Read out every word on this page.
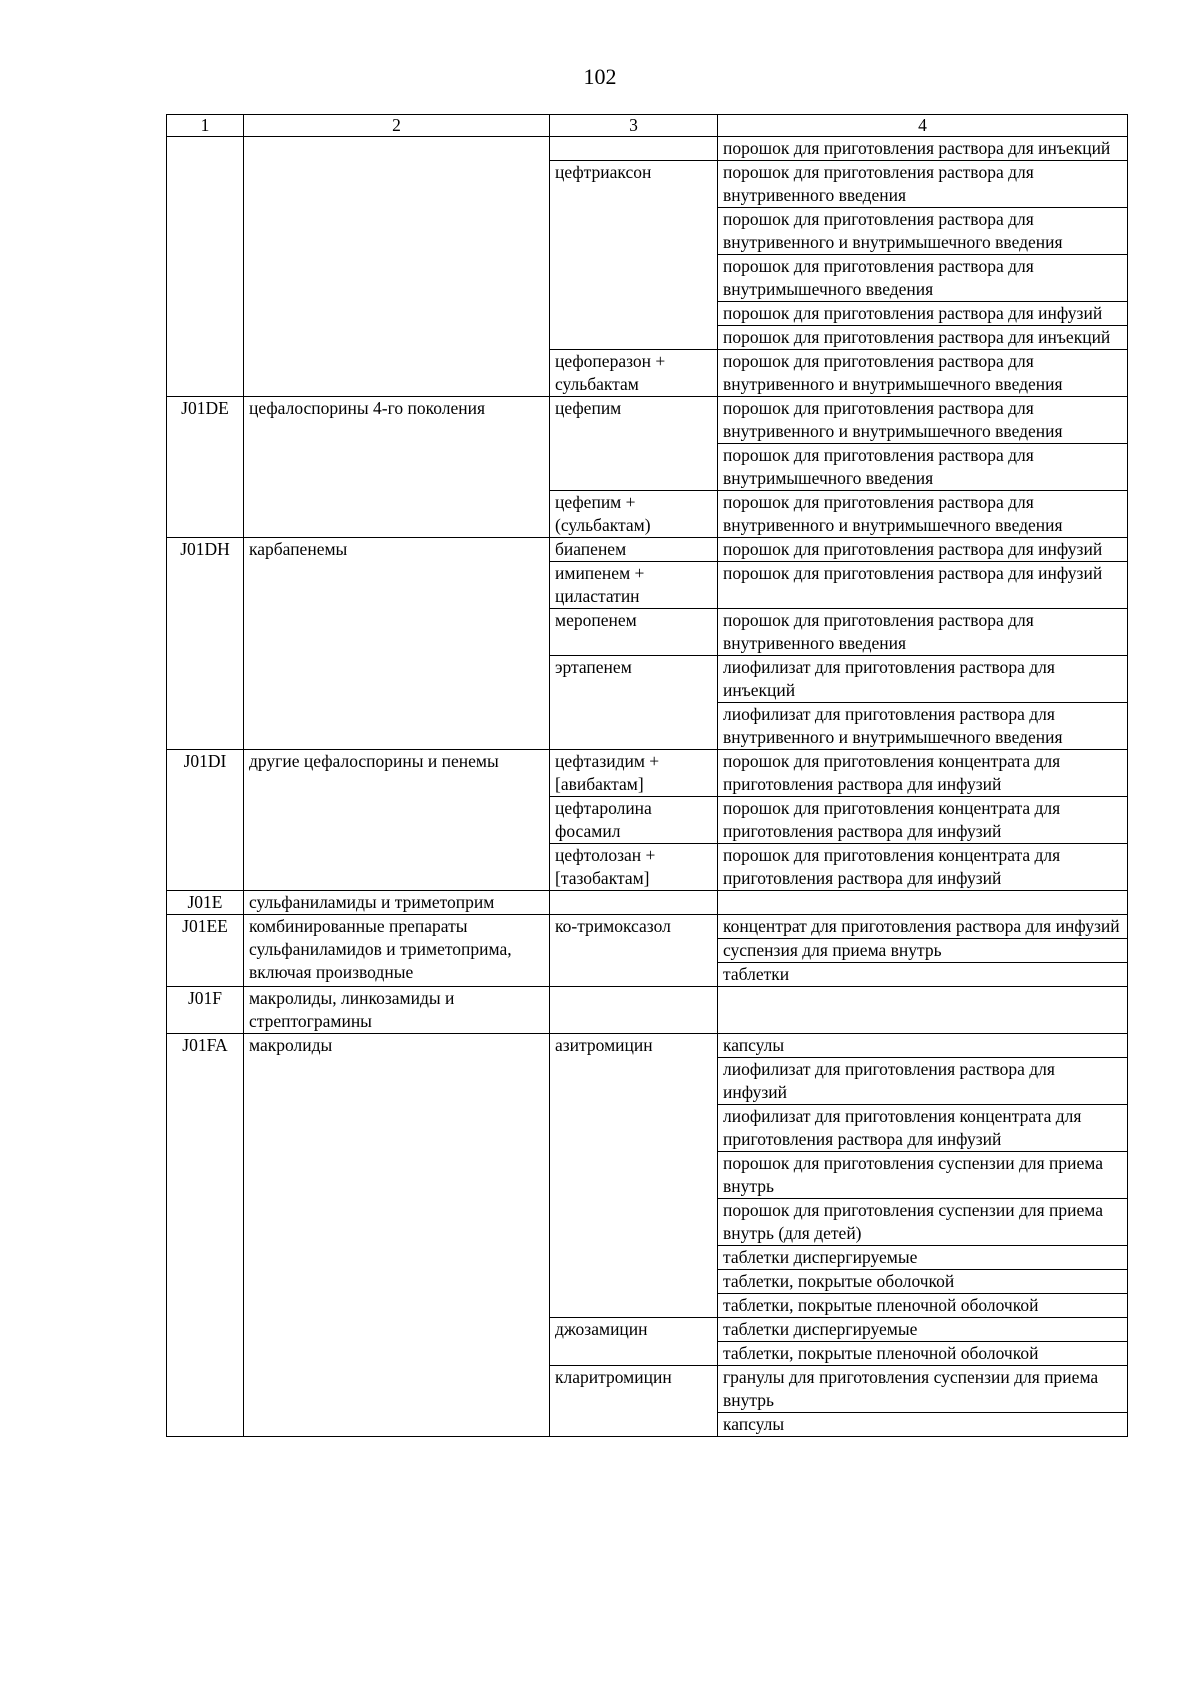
102
1	2	3	4
			порошок для приготовления раствора для инъекций
		цефтриаксон	порошок для приготовления раствора для внутривенного введения
			порошок для приготовления раствора для внутривенного и внутримышечного введения
			порошок для приготовления раствора для внутримышечного введения
			порошок для приготовления раствора для инфузий
			порошок для приготовления раствора для инъекций
		цефоперазон + сульбактам	порошок для приготовления раствора для внутривенного и внутримышечного введения
J01DE	цефалоспорины 4-го поколения	цефепим	порошок для приготовления раствора для внутривенного и внутримышечного введения
			порошок для приготовления раствора для внутримышечного введения
		цефепим + (сульбактам)	порошок для приготовления раствора для внутривенного и внутримышечного введения
J01DH	карбапенемы	биапенем	порошок для приготовления раствора для инфузий
		имипенем + циластатин	порошок для приготовления раствора для инфузий
		меропенем	порошок для приготовления раствора для внутривенного введения
		эртапенем	лиофилизат для приготовления раствора для инъекций
			лиофилизат для приготовления раствора для внутривенного и внутримышечного введения
J01DI	другие цефалоспорины и пенемы	цефтазидим + [авибактам]	порошок для приготовления концентрата для приготовления раствора для инфузий
		цефтаролина фосамил	порошок для приготовления концентрата для приготовления раствора для инфузий
		цефтолозан + [тазобактам]	порошок для приготовления концентрата для приготовления раствора для инфузий
J01E	сульфаниламиды и триметоприм		
J01EE	комбинированные препараты сульфаниламидов и триметоприма, включая производные	ко-тримоксазол	концентрат для приготовления раствора для инфузий
			суспензия для приема внутрь
			таблетки
J01F	макролиды, линкозамиды и стрептограмины		
J01FA	макролиды	азитромицин	капсулы
			лиофилизат для приготовления раствора для инфузий
			лиофилизат для приготовления концентрата для приготовления раствора для инфузий
			порошок для приготовления суспензии для приема внутрь
			порошок для приготовления суспензии для приема внутрь (для детей)
			таблетки диспергируемые
			таблетки, покрытые оболочкой
			таблетки, покрытые пленочной оболочкой
		джозамицин	таблетки диспергируемые
			таблетки, покрытые пленочной оболочкой
		кларитромицин	гранулы для приготовления суспензии для приема внутрь
			капсулы
